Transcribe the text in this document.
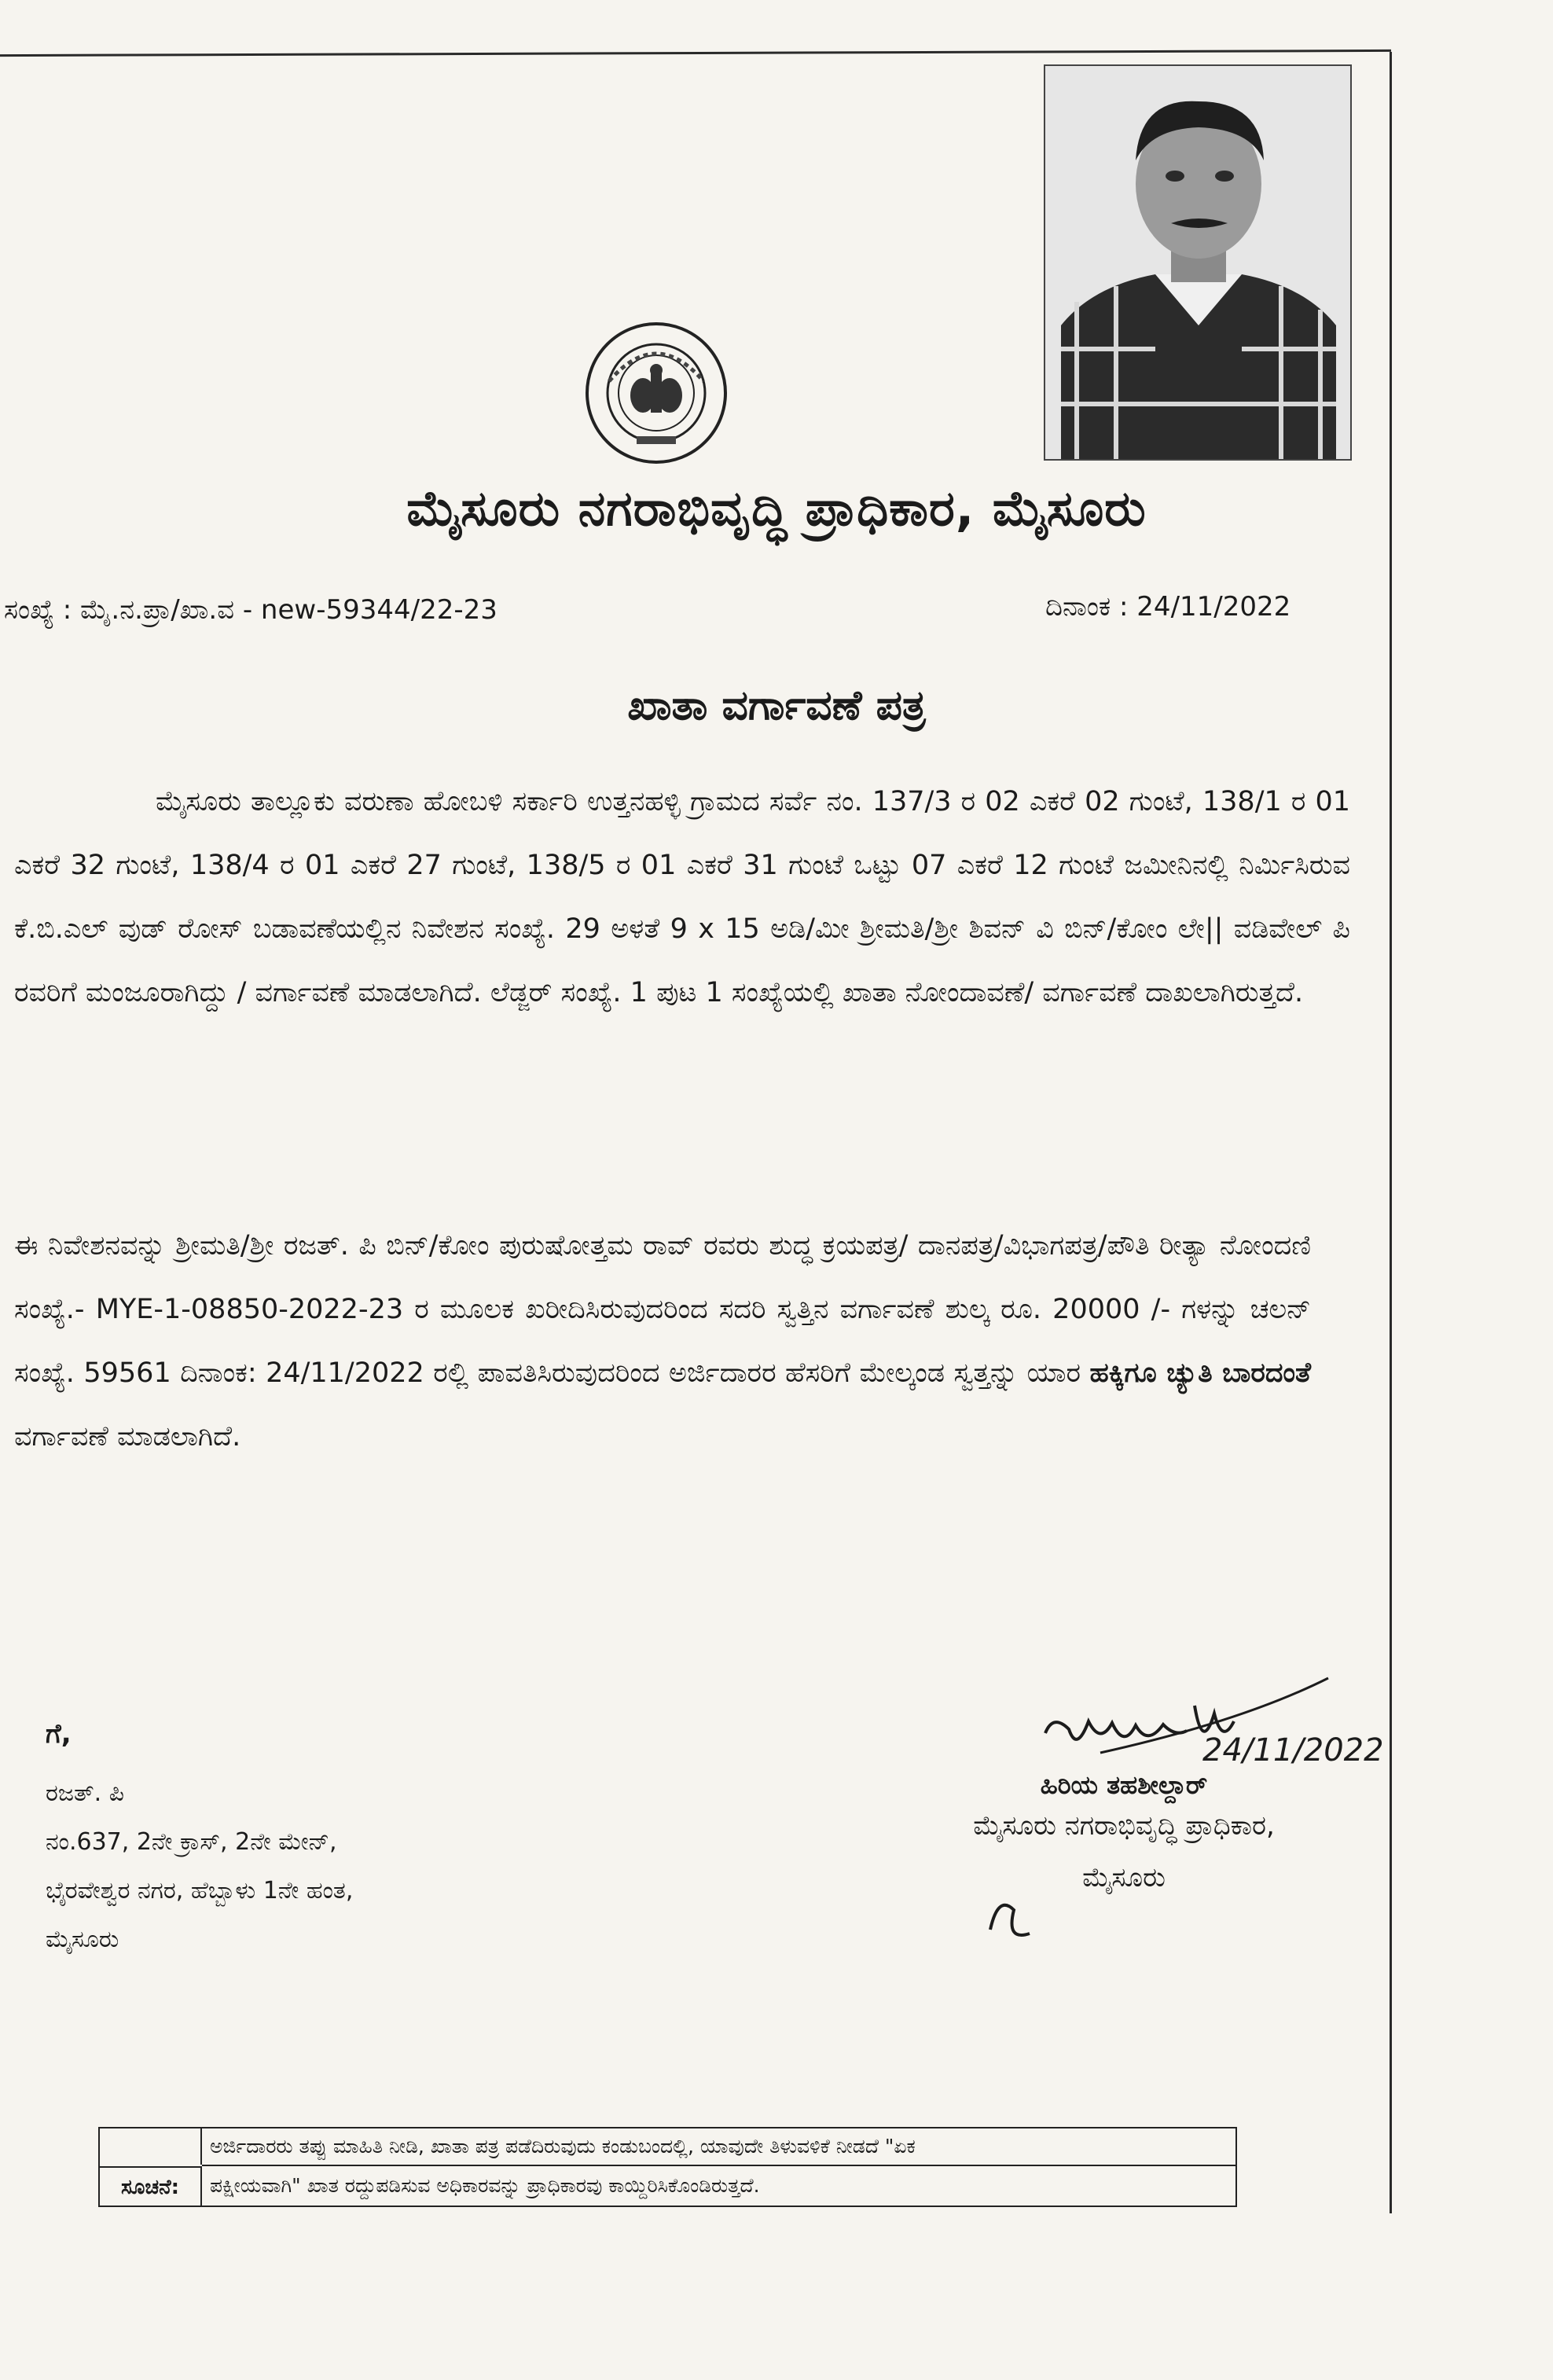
ಮೈಸೂರು ನಗರಾಭಿವೃದ್ಧಿ ಪ್ರಾಧಿಕಾರ, ಮೈಸೂರು
ಸಂಖ್ಯೆ : ಮೈ.ನ.ಪ್ರಾ/ಖಾ.ವ - new-59344/22-23	ದಿನಾಂಕ : 24/11/2022
ಖಾತಾ ವರ್ಗಾವಣೆ ಪತ್ರ
ಮೈಸೂರು ತಾಲ್ಲೂಕು ವರುಣಾ ಹೋಬಳಿ ಸರ್ಕಾರಿ ಉತ್ತನಹಳ್ಳಿ ಗ್ರಾಮದ ಸರ್ವೆ ನಂ. 137/3 ರ 02 ಎಕರೆ 02 ಗುಂಟೆ, 138/1 ರ 01 ಎಕರೆ 32 ಗುಂಟೆ, 138/4 ರ 01 ಎಕರೆ 27 ಗುಂಟೆ, 138/5 ರ 01 ಎಕರೆ 31 ಗುಂಟೆ ಒಟ್ಟು 07 ಎಕರೆ 12 ಗುಂಟೆ ಜಮೀನಿನಲ್ಲಿ ನಿರ್ಮಿಸಿರುವ ಕೆ.ಬಿ.ಎಲ್ ವುಡ್ ರೋಸ್ ಬಡಾವಣೆಯಲ್ಲಿನ ನಿವೇಶನ ಸಂಖ್ಯೆ. 29 ಅಳತೆ 9 x 15 ಅಡಿ/ಮೀ ಶ್ರೀಮತಿ/ಶ್ರೀ ಶಿವನ್ ವಿ ಬಿನ್/ಕೋಂ ಲೇ|| ವಡಿವೇಲ್ ಪಿ ರವರಿಗೆ ಮಂಜೂರಾಗಿದ್ದು / ವರ್ಗಾವಣೆ ಮಾಡಲಾಗಿದೆ. ಲೆಡ್ಜರ್ ಸಂಖ್ಯೆ. 1 ಪುಟ 1 ಸಂಖ್ಯೆಯಲ್ಲಿ ಖಾತಾ ನೋಂದಾವಣೆ/ ವರ್ಗಾವಣೆ ದಾಖಲಾಗಿರುತ್ತದೆ.
ಈ ನಿವೇಶನವನ್ನು ಶ್ರೀಮತಿ/ಶ್ರೀ ರಜತ್. ಪಿ ಬಿನ್/ಕೋಂ ಪುರುಷೋತ್ತಮ ರಾವ್ ರವರು ಶುದ್ಧ ಕ್ರಯಪತ್ರ/ ದಾನಪತ್ರ/ವಿಭಾಗಪತ್ರ/ಪೌತಿ ರೀತ್ಯಾ ನೋಂದಣಿ ಸಂಖ್ಯೆ.- MYE-1-08850-2022-23 ರ ಮೂಲಕ ಖರೀದಿಸಿರುವುದರಿಂದ ಸದರಿ ಸ್ವತ್ತಿನ ವರ್ಗಾವಣೆ ಶುಲ್ಕ ರೂ. 20000 /- ಗಳನ್ನು ಚಲನ್ ಸಂಖ್ಯೆ. 59561 ದಿನಾಂಕ: 24/11/2022 ರಲ್ಲಿ ಪಾವತಿಸಿರುವುದರಿಂದ ಅರ್ಜಿದಾರರ ಹೆಸರಿಗೆ ಮೇಲ್ಕಂಡ ಸ್ವತ್ತನ್ನು ಯಾರ ಹಕ್ಕಿಗೂ ಚ್ಯುತಿ ಬಾರದಂತೆ ವರ್ಗಾವಣೆ ಮಾಡಲಾಗಿದೆ.
ಗೆ,
ರಜತ್. ಪಿ
ನಂ.637, 2ನೇ ಕ್ರಾಸ್, 2ನೇ ಮೇನ್,
ಭೈರವೇಶ್ವರ ನಗರ, ಹೆಬ್ಬಾಳು 1ನೇ ಹಂತ,
ಮೈಸೂರು
24/11/2022
ಹಿರಿಯ ತಹಶೀಲ್ದಾರ್
ಮೈಸೂರು ನಗರಾಭಿವೃದ್ಧಿ ಪ್ರಾಧಿಕಾರ,
ಮೈಸೂರು
ಸೂಚನೆ:
ಅರ್ಜಿದಾರರು ತಪ್ಪು ಮಾಹಿತಿ ನೀಡಿ, ಖಾತಾ ಪತ್ರ ಪಡೆದಿರುವುದು ಕಂಡುಬಂದಲ್ಲಿ, ಯಾವುದೇ ತಿಳುವಳಿಕೆ ನೀಡದೆ "ಏಕ
ಪಕ್ಷೀಯವಾಗಿ" ಖಾತ ರದ್ದುಪಡಿಸುವ ಅಧಿಕಾರವನ್ನು ಪ್ರಾಧಿಕಾರವು ಕಾಯ್ದಿರಿಸಿಕೊಂಡಿರುತ್ತದೆ.
